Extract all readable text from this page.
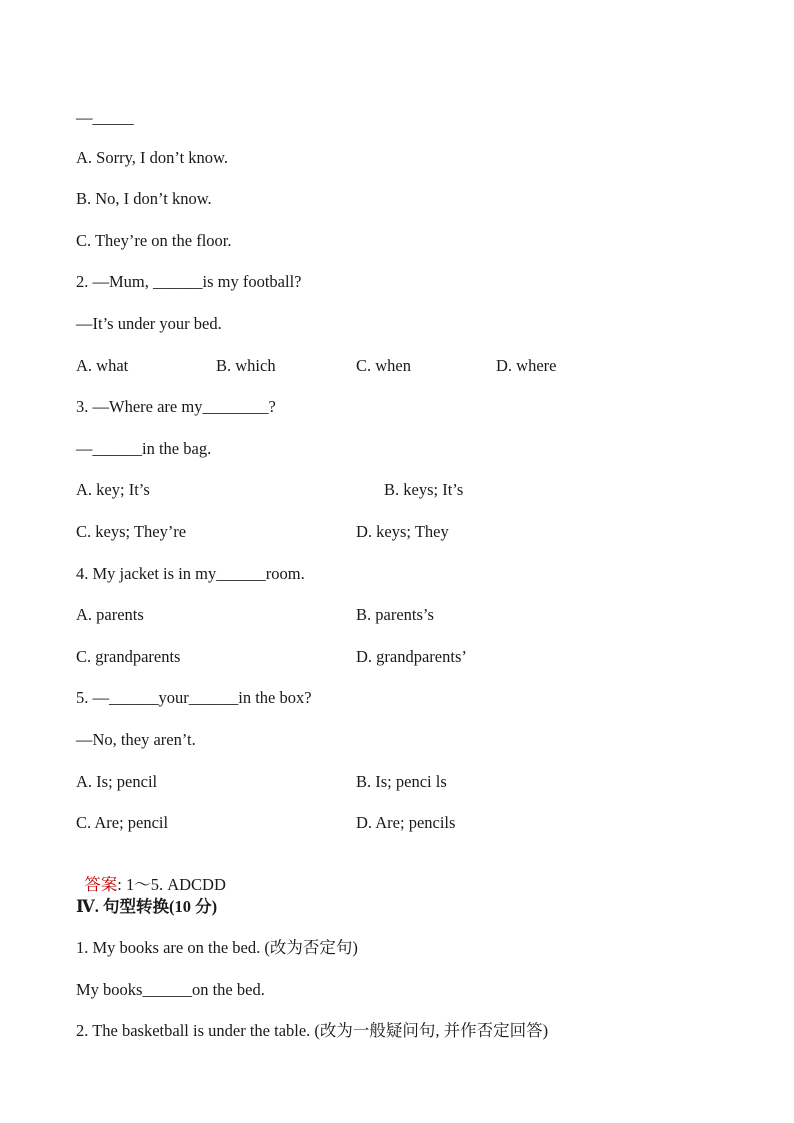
—_____
A. Sorry, I don’t know.
B. No, I don’t know.
C. They’re on the floor.
2. —Mum, ______is my football?
—It’s under your bed.
A. what	B. which	C. when	D. where
3. —Where are my________?
—______in the bag.
A. key; It’s	B. keys; It’s
C. keys; They’re	D. keys; They
4. My jacket is in my______room.
A. parents	B. parents’s
C. grandparents	D. grandparents’
5. —______your______in the box?
—No, they aren’t.
A. Is; pencil	B. Is; penci ls
C. Are; pencil	D. Are; pencils

答案: 1～5. ADCDD

Ⅳ. 句型转换(10 分)
1. My books are on the bed. (改为否定句)
My books______on the bed.
2. The basketball is under the table. (改为一般疑问句, 并作否定回答)
